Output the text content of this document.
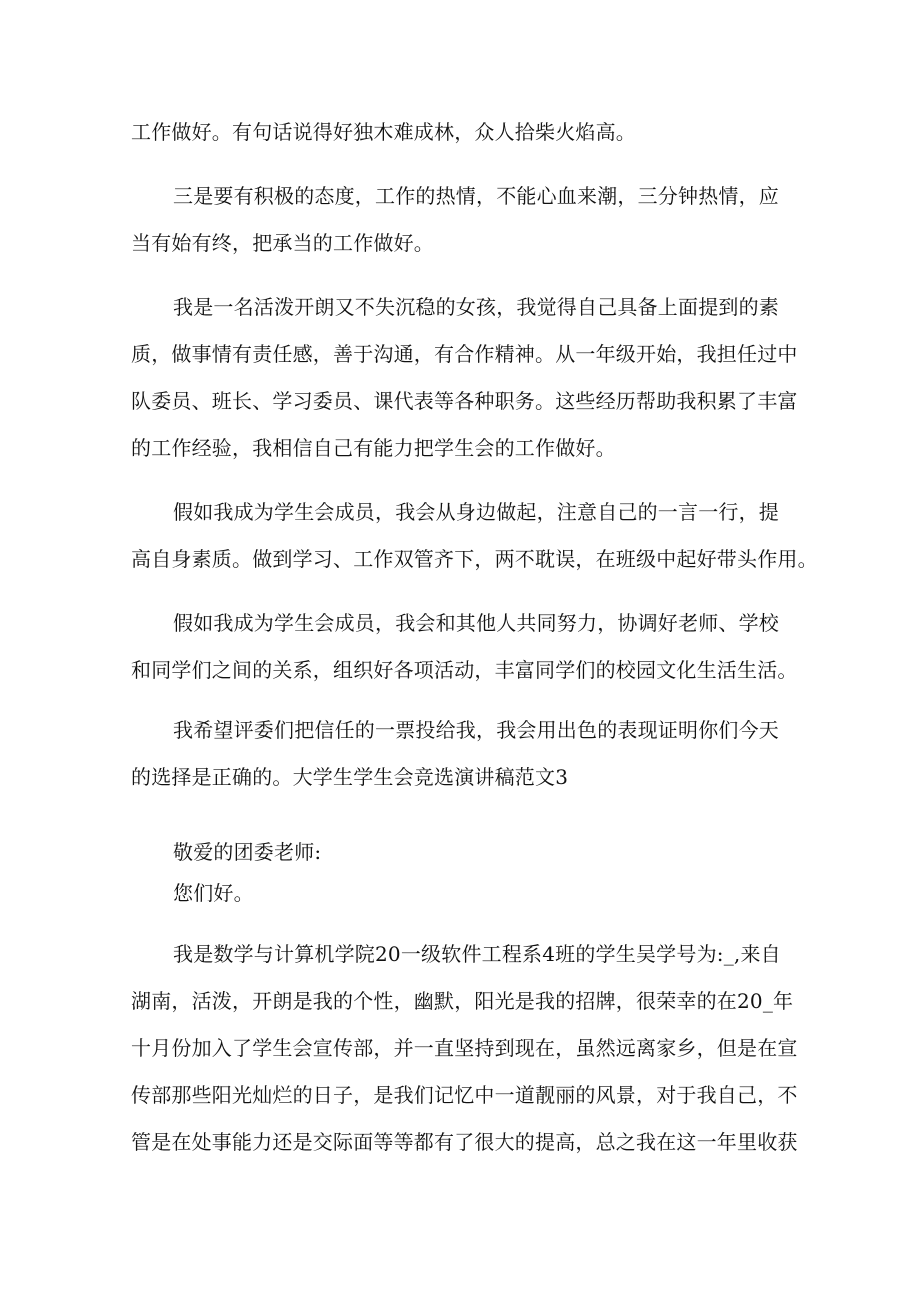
工作做好。有句话说得好独木难成林，众人拾柴火焰高。
三是要有积极的态度，工作的热情，不能心血来潮，三分钟热情，应
当有始有终，把承当的工作做好。
我是一名活泼开朗又不失沉稳的女孩，我觉得自己具备上面提到的素
质，做事情有责任感，善于沟通，有合作精神。从一年级开始，我担任过中
队委员、班长、学习委员、课代表等各种职务。这些经历帮助我积累了丰富
的工作经验，我相信自己有能力把学生会的工作做好。
假如我成为学生会成员，我会从身边做起，注意自己的一言一行，提
高自身素质。做到学习、工作双管齐下，两不耽误，在班级中起好带头作用。
假如我成为学生会成员，我会和其他人共同努力，协调好老师、学校
和同学们之间的关系，组织好各项活动，丰富同学们的校园文化生活生活。
我希望评委们把信任的一票投给我，我会用出色的表现证明你们今天
的选择是正确的。大学生学生会竞选演讲稿范文3
敬爱的团委老师:
您们好。
我是数学与计算机学院20一级软件工程系4班的学生吴学号为:_,来自
湖南，活泼，开朗是我的个性，幽默，阳光是我的招牌，很荣幸的在20_年
十月份加入了学生会宣传部，并一直坚持到现在，虽然远离家乡，但是在宣
传部那些阳光灿烂的日子，是我们记忆中一道靓丽的风景，对于我自己，不
管是在处事能力还是交际面等等都有了很大的提高，总之我在这一年里收获
